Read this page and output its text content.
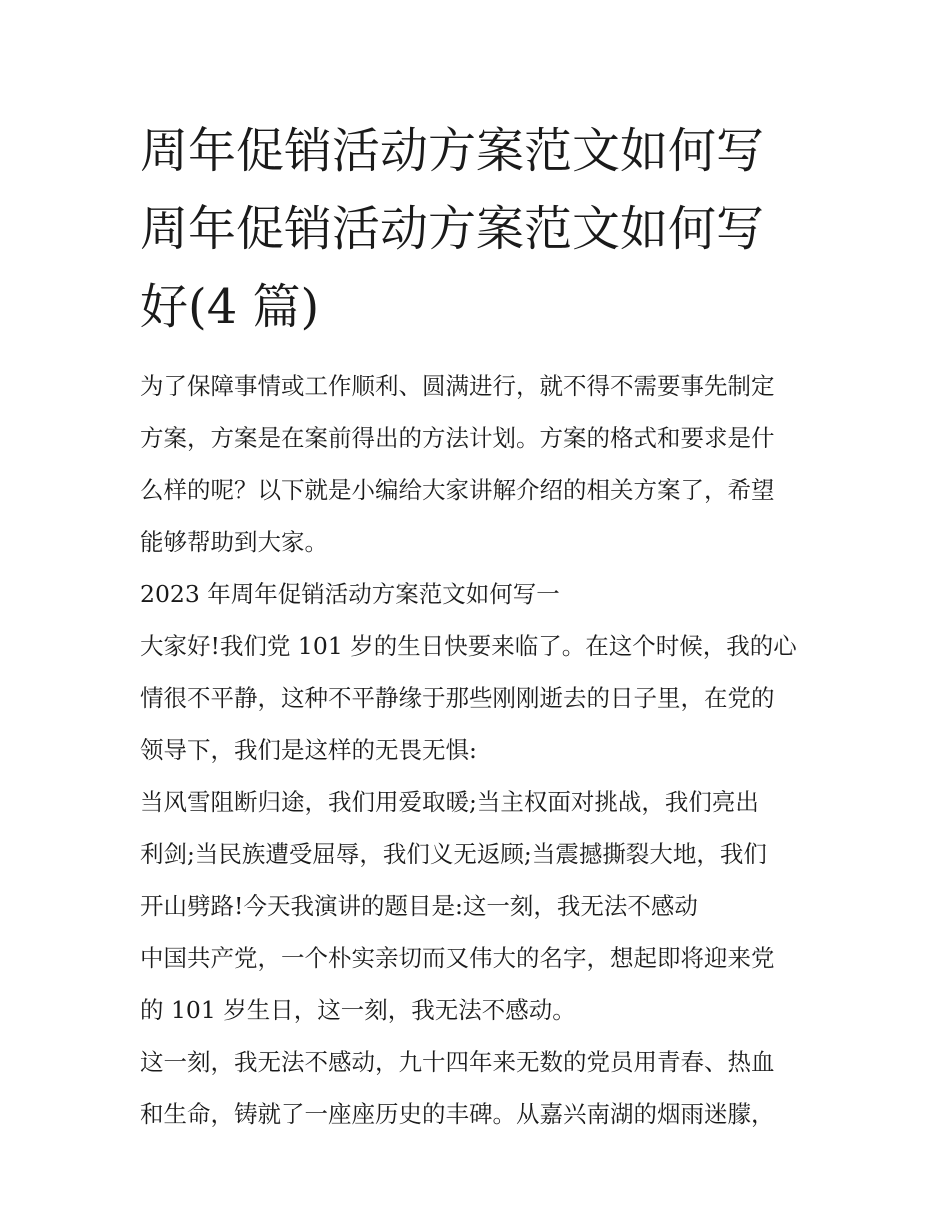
周年促销活动方案范文如何写
周年促销活动方案范文如何写
好(4 篇)

为了保障事情或工作顺利、圆满进行，就不得不需要事先制定
方案，方案是在案前得出的方法计划。方案的格式和要求是什
么样的呢？以下就是小编给大家讲解介绍的相关方案了，希望
能够帮助到大家。

2023 年周年促销活动方案范文如何写一

大家好!我们党 101 岁的生日快要来临了。在这个时候，我的心
情很不平静，这种不平静缘于那些刚刚逝去的日子里，在党的
领导下，我们是这样的无畏无惧:

当风雪阻断归途，我们用爱取暖;当主权面对挑战，我们亮出
利剑;当民族遭受屈辱，我们义无返顾;当震撼撕裂大地，我们
开山劈路!今天我演讲的题目是:这一刻，我无法不感动

中国共产党，一个朴实亲切而又伟大的名字，想起即将迎来党
的 101 岁生日，这一刻，我无法不感动。

这一刻，我无法不感动，九十四年来无数的党员用青春、热血
和生命，铸就了一座座历史的丰碑。从嘉兴南湖的烟雨迷朦，
